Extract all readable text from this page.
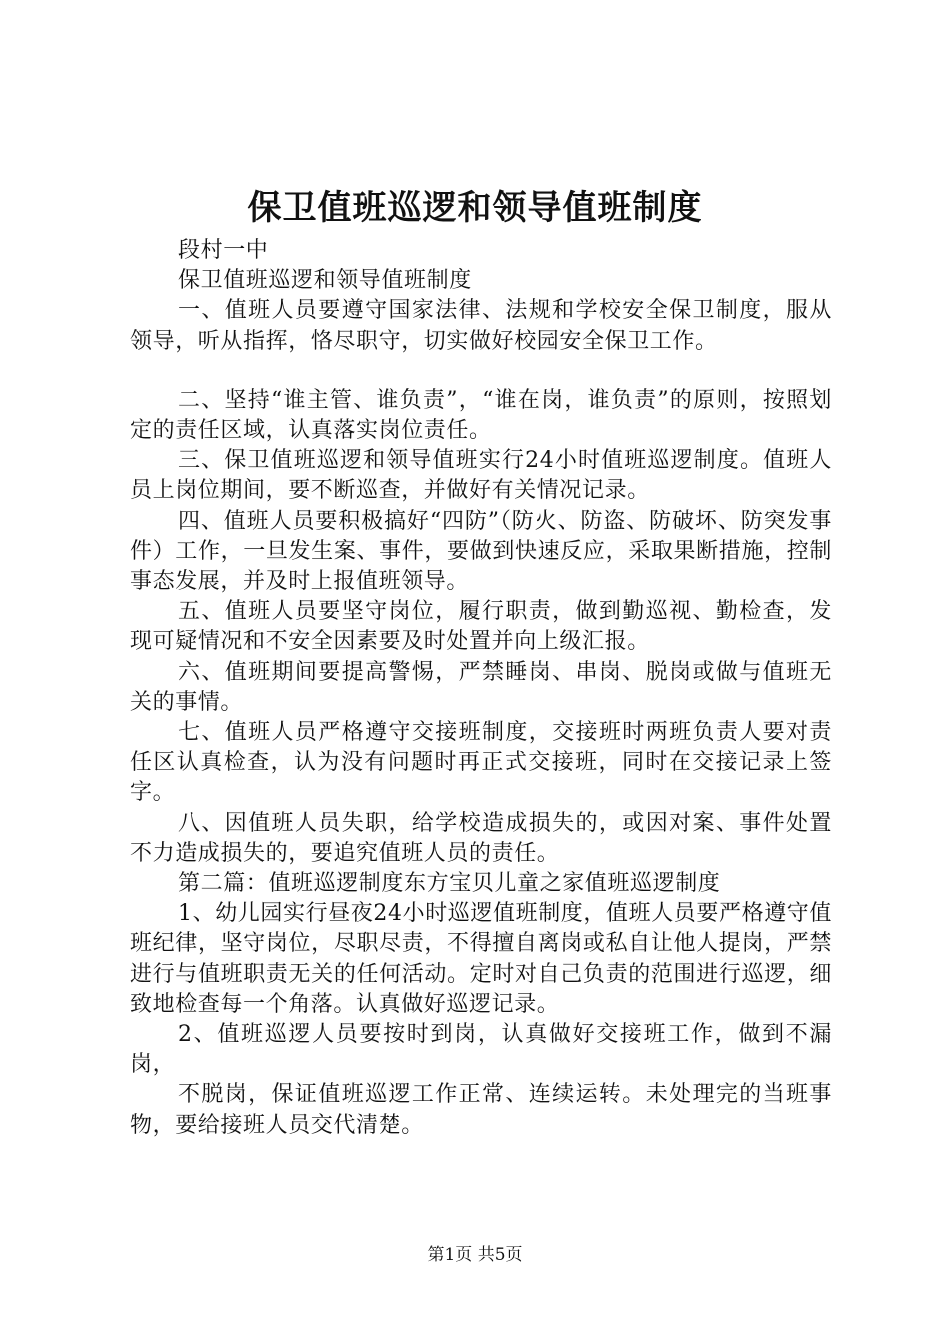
保卫值班巡逻和领导值班制度

段村一中

保卫值班巡逻和领导值班制度

一、值班人员要遵守国家法律、法规和学校安全保卫制度，服从领导，听从指挥，恪尽职守，切实做好校园安全保卫工作。

二、坚持“谁主管、谁负责”，“谁在岗，谁负责”的原则，按照划定的责任区域，认真落实岗位责任。

三、保卫值班巡逻和领导值班实行24小时值班巡逻制度。值班人员上岗位期间，要不断巡查，并做好有关情况记录。

四、值班人员要积极搞好“四防”（防火、防盗、防破坏、防突发事件）工作，一旦发生案、事件，要做到快速反应，采取果断措施，控制事态发展，并及时上报值班领导。

五、值班人员要坚守岗位，履行职责，做到勤巡视、勤检查，发现可疑情况和不安全因素要及时处置并向上级汇报。

六、值班期间要提高警惕，严禁睡岗、串岗、脱岗或做与值班无关的事情。

七、值班人员严格遵守交接班制度，交接班时两班负责人要对责任区认真检查，认为没有问题时再正式交接班，同时在交接记录上签字。

八、因值班人员失职，给学校造成损失的，或因对案、事件处置不力造成损失的，要追究值班人员的责任。

第二篇：值班巡逻制度东方宝贝儿童之家值班巡逻制度

1、幼儿园实行昼夜24小时巡逻值班制度，值班人员要严格遵守值班纪律，坚守岗位，尽职尽责，不得擅自离岗或私自让他人提岗，严禁进行与值班职责无关的任何活动。定时对自己负责的范围进行巡逻，细致地检查每一个角落。认真做好巡逻记录。

2、值班巡逻人员要按时到岗，认真做好交接班工作，做到不漏岗，

不脱岗，保证值班巡逻工作正常、连续运转。未处理完的当班事物，要给接班人员交代清楚。

第1页 共5页
